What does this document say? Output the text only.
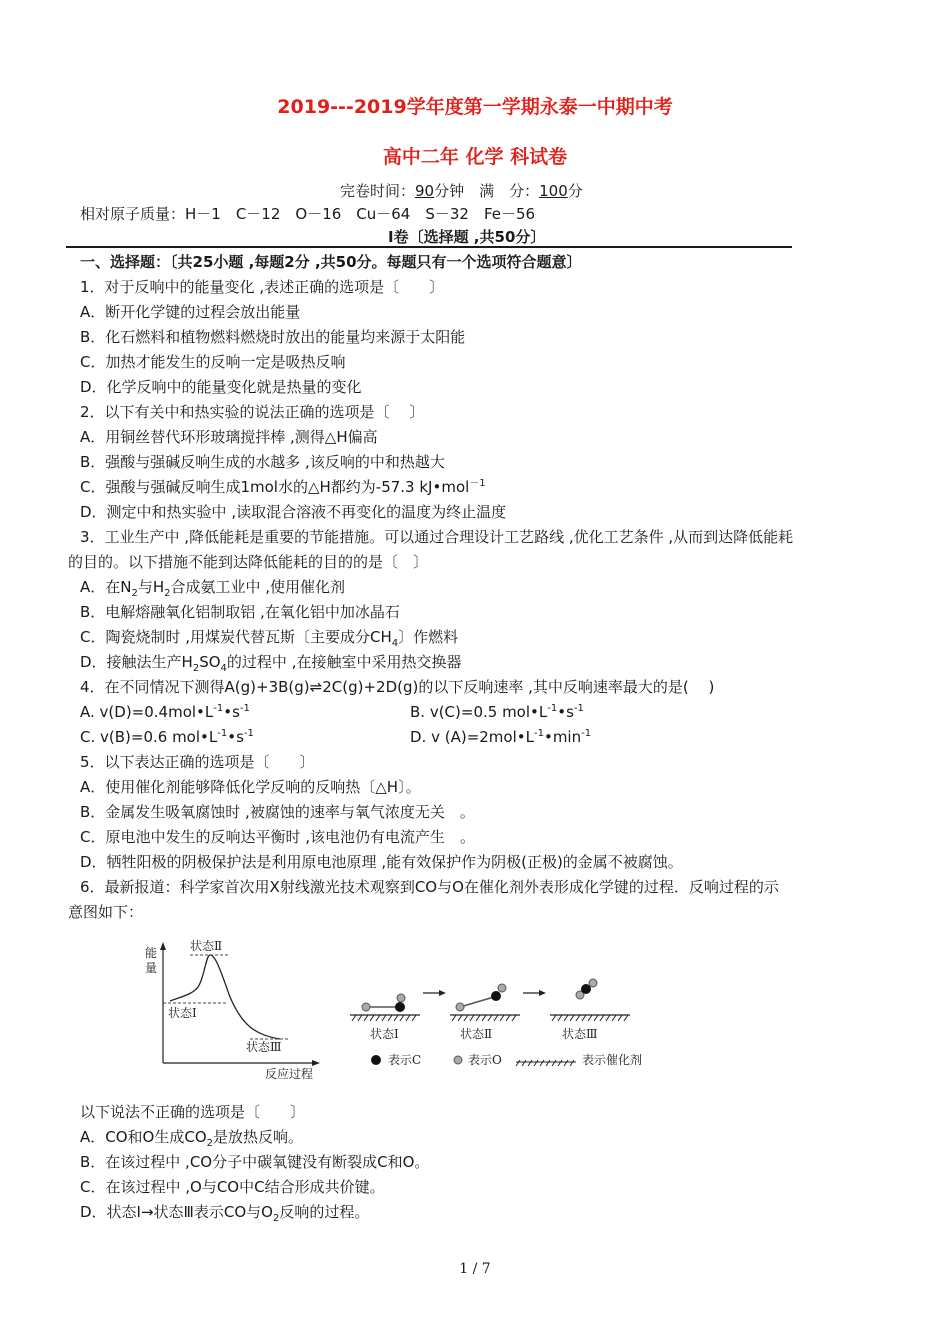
2019---2019学年度第一学期永泰一中期中考
高中二年 化学 科试卷
完卷时间：90分钟　满　分：100分
相对原子质量：H－1　C－12　O－16　Cu－64　S－32　Fe－56
Ⅰ卷〔选择题 ,共50分〕
一、选择题：〔共25小题 ,每题2分 ,共50分。每题只有一个选项符合题意〕
1．对于反响中的能量变化 ,表述正确的选项是〔　　〕
A．断开化学键的过程会放出能量
B．化石燃料和植物燃料燃烧时放出的能量均来源于太阳能
C．加热才能发生的反响一定是吸热反响
D．化学反响中的能量变化就是热量的变化
2．以下有关中和热实验的说法正确的选项是〔　 〕
A．用铜丝替代环形玻璃搅拌棒 ,测得△H偏高
B．强酸与强碱反响生成的水越多 ,该反响的中和热越大
C．强酸与强碱反响生成1mol水的△H都约为-57.3 kJ•mol$^{-1}$
D．测定中和热实验中 ,读取混合溶液不再变化的温度为终止温度
3．工业生产中 ,降低能耗是重要的节能措施。可以通过合理设计工艺路线 ,优化工艺条件 ,从而到达降低能耗
的目的。以下措施不能到达降低能耗的目的的是〔　〕
A．在$N_2$与$H_2$合成氨工业中 ,使用催化剂
B．电解熔融氧化铝制取铝 ,在氧化铝中加冰晶石
C．陶瓷烧制时 ,用煤炭代替瓦斯〔主要成分$CH_4$〕作燃料
D．接触法生产$H_2SO_4$的过程中 ,在接触室中采用热交换器
4．在不同情况下测得A(g)+3B(g)⇌2C(g)+2D(g)的以下反响速率 ,其中反响速率最大的是(　 )
A. $v(D)=0.4mol•L^{-1}•s^{-1}$	B. v(C)=0.5 $mol•L^{-1}•s^{-1}$
C. v(B)=0.6 $mol•L^{-1}•s^{-1}$	D. v $(A)=2mol•L^{-1}•\min^{-1}$
5．以下表达正确的选项是〔　　〕
A．使用催化剂能够降低化学反响的反响热〔△H〕。
B．金属发生吸氧腐蚀时 ,被腐蚀的速率与氧气浓度无关　。
C．原电池中发生的反响达平衡时 ,该电池仍有电流产生　。
D．牺牲阳极的阴极保护法是利用原电池原理 ,能有效保护作为阴极(正极)的金属不被腐蚀。
6．最新报道：科学家首次用X射线激光技术观察到CO与O在催化剂外表形成化学键的过程．反响过程的示
意图如下：
能
量
反应过程
状态Ⅱ
状态Ⅰ
状态Ⅲ
状态Ⅰ	状态Ⅱ	状态Ⅲ
表示C	表示O	表示催化剂
以下说法不正确的选项是〔　　〕
A．CO和O生成$CO_2$是放热反响。
B．在该过程中 ,CO分子中碳氧键没有断裂成C和O。
C．在该过程中 ,O与CO中C结合形成共价键。
D．状态Ⅰ→状态Ⅲ表示CO与$O_2$反响的过程。
1 / 7
